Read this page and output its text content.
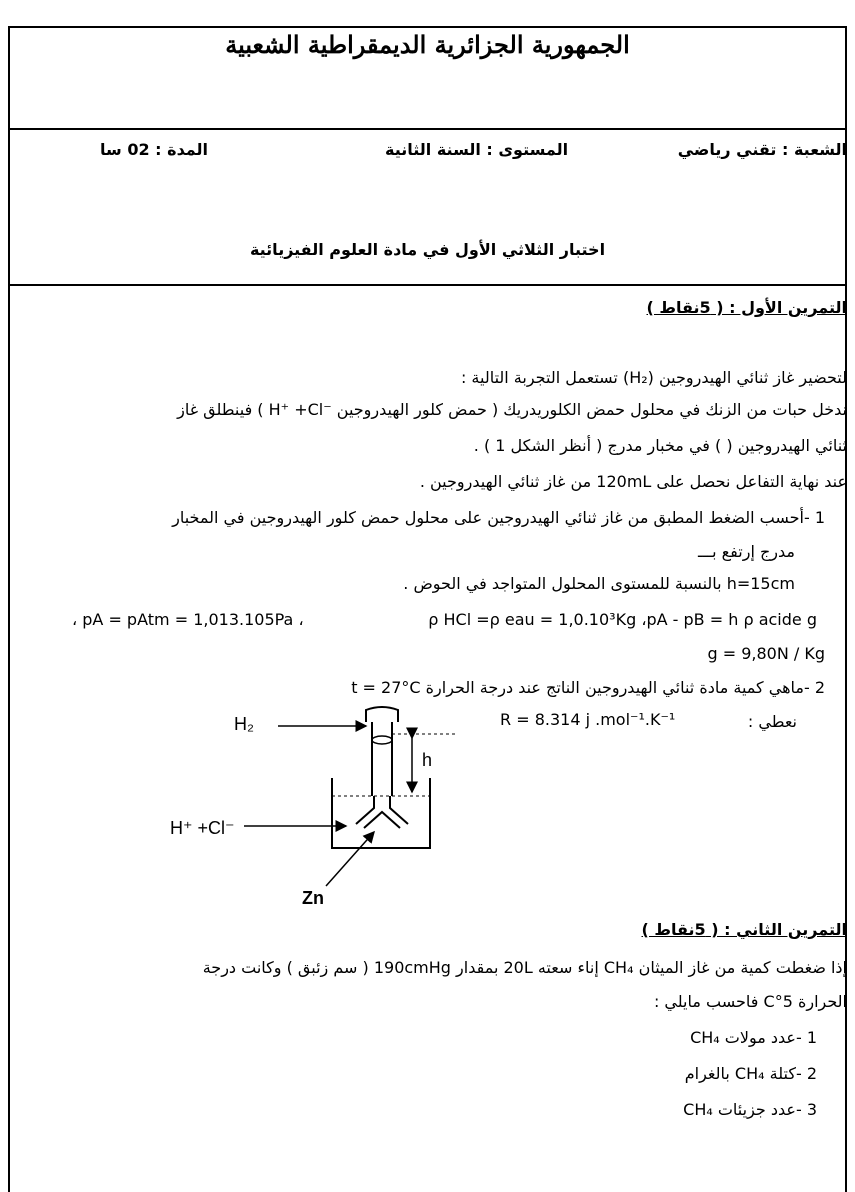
الجمهورية الجزائرية الديمقراطية الشعبية
الشعبة : تقني رياضي
المستوى : السنة الثانية
المدة : 02 سا
اختبار الثلاثي الأول في مادة العلوم الفيزيائية
التمرين الأول : ( 5نقاط )
لتحضير غاز ثنائي الهيدروجين (H₂) تستعمل التجربة التالية :
ندخل حبات من الزنك في محلول حمض الكلوريدريك ( حمض كلور الهيدروجين ‎H⁺ +Cl⁻‎ ) فينطلق غاز
ثنائي الهيدروجين ( ) في مخبار مدرج ( أنظر الشكل 1 ) .
عند نهاية التفاعل نحصل على 120mL من غاز ثنائي الهيدروجين .
1 -أحسب الضغط المطبق من غاز ثنائي الهيدروجين على محلول حمض كلور الهيدروجين في المخبار
مدرج إرتفع بـــ
h=15cm بالنسبة للمستوى المحلول المتواجد في الحوض .
، pA = pAtm = 1,013.105Pa ،	ρ HCl =ρ eau = 1,0.10³Kg ،pA - pB = h ρ acide g
g = 9,80N / Kg
2 -ماهي كمية مادة ثنائي الهيدروجين الناتج عند درجة الحرارة t = 27°C
نعطي :
R = 8.314 j .mol⁻¹.K⁻¹
h
H₂
H⁺ +Cl⁻
Zn
التمرين الثاني : ( 5نقاط )
إذا ضغطت كمية من غاز الميثان CH₄ إناء سعته 20L بمقدار 190cmHg ( سم زئبق ) وكانت درجة
الحرارة 5°C فاحسب مايلي :
1 -عدد مولات CH₄
2 -كتلة CH₄ بالغرام
3 -عدد جزيئات CH₄
